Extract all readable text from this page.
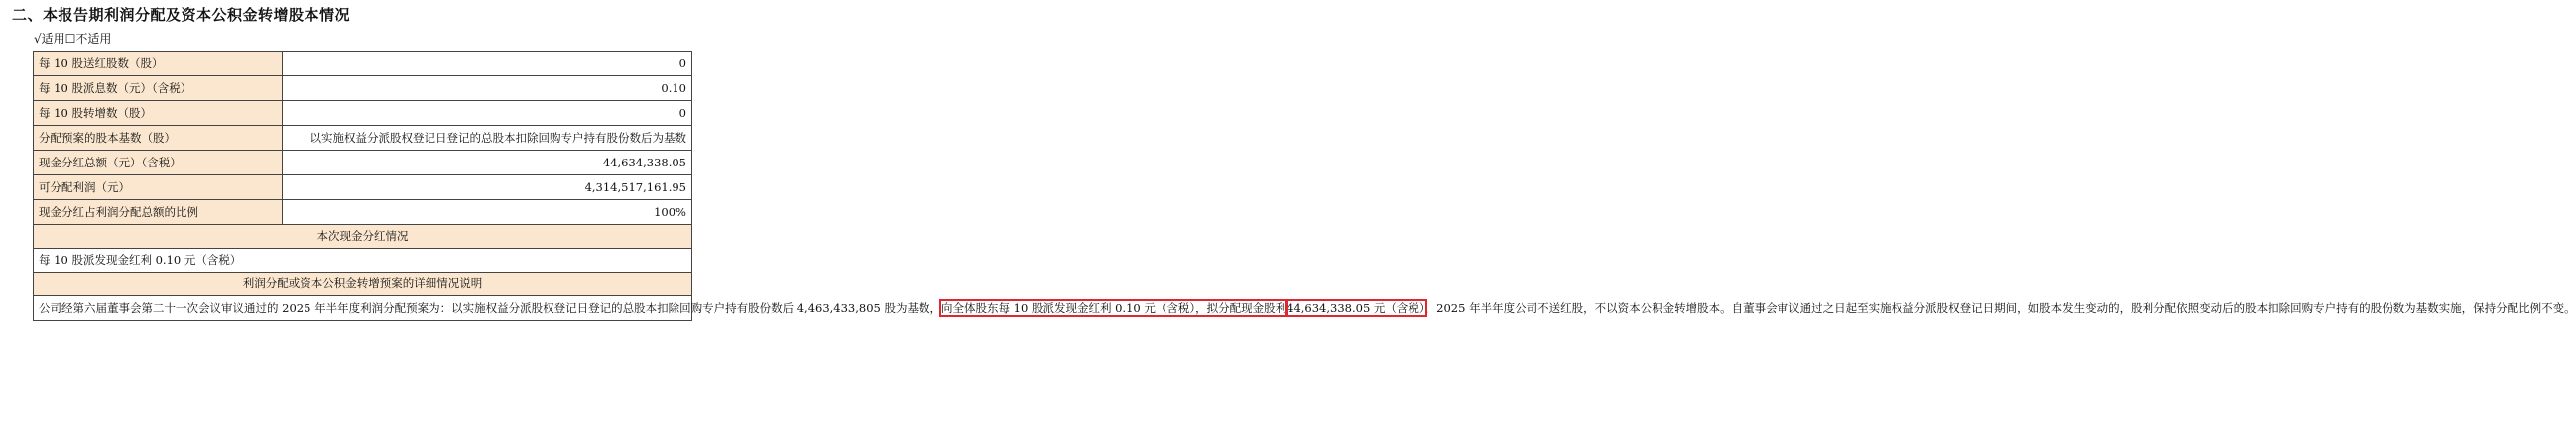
二、本报告期利润分配及资本公积金转增股本情况
√适用☐不适用
每 10 股送红股数（股）	0
每 10 股派息数（元）（含税）	0.10
每 10 股转增数（股）	0
分配预案的股本基数（股）	以实施权益分派股权登记日登记的总股本扣除回购专户持有股份数后为基数
现金分红总额（元）（含税）	44,634,338.05
可分配利润（元）	4,314,517,161.95
现金分红占利润分配总额的比例	100%
本次现金分红情况	
每 10 股派发现金红利 0.10 元（含税）	
利润分配或资本公积金转增预案的详细情况说明	
公司经第六届董事会第二十一次会议审议通过的 2025 年半年度利润分配预案为：以实施权益分派股权登记日登记的总股本扣除回购专户持有股份数后 4,463,433,805 股为基数，向全体股东每 10 股派发现金红利 0.10 元（含税），拟分配现金股利44,634,338.05 元（含税），2025 年半年度公司不送红股，不以资本公积金转增股本。自董事会审议通过之日起至实施权益分派股权登记日期间，如股本发生变动的，股利分配依照变动后的股本扣除回购专户持有的股份数为基数实施，保持分配比例不变。	
